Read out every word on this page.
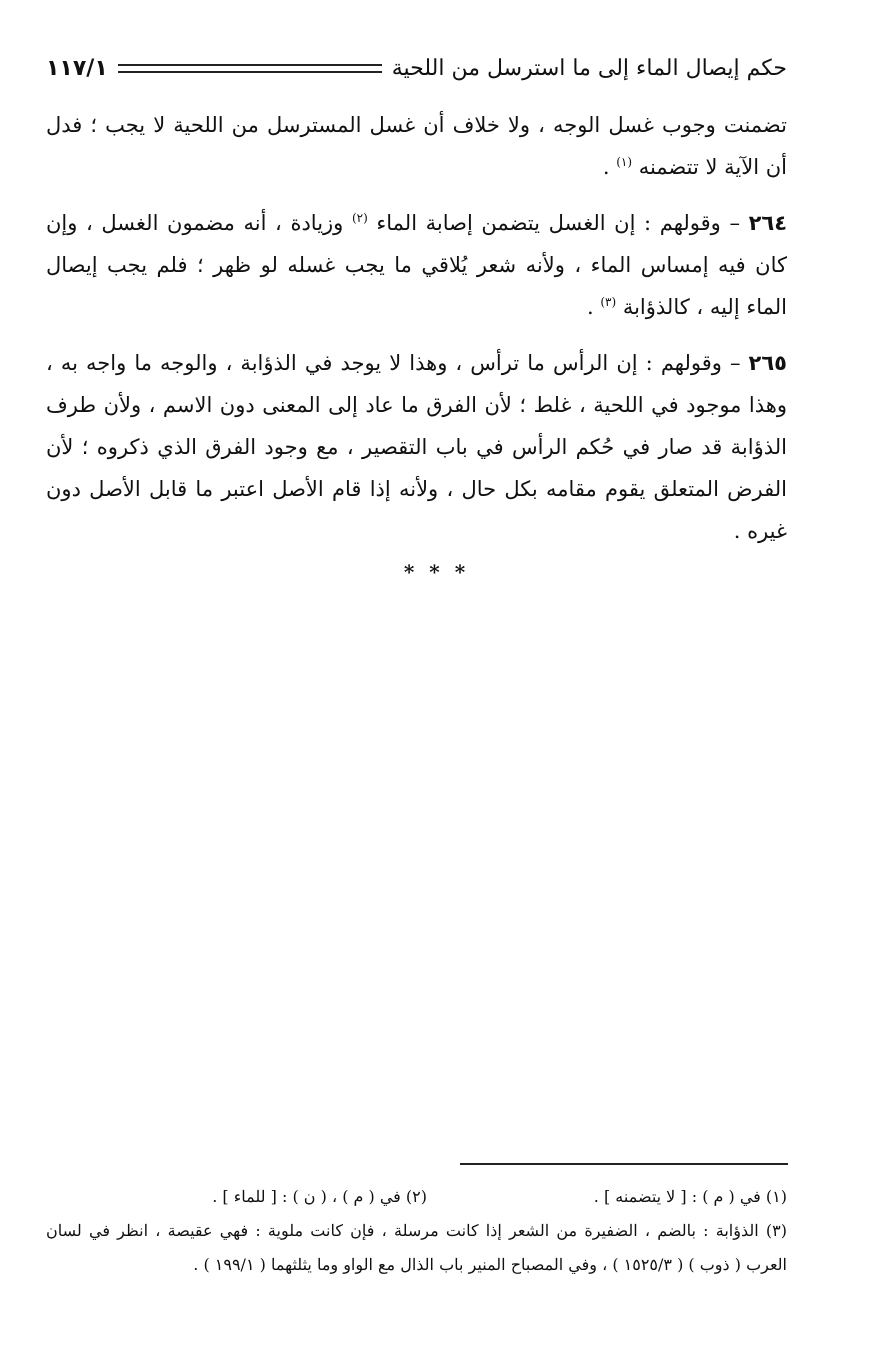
حكم إيصال الماء إلى ما استرسل من اللحية
١١٧/١

تضمنت وجوب غسل الوجه ، ولا خلاف أن غسل المسترسل من اللحية لا يجب ؛ فدل أن الآية لا تتضمنه $^{(١)}$ .

٢٦٤ – وقولهم : إن الغسل يتضمن إصابة الماء $^{(٢)}$ وزيادة ، أنه مضمون الغسل ، وإن كان فيه إمساس الماء ، ولأنه شعر يُلاقي ما يجب غسله لو ظهر ؛ فلم يجب إيصال الماء إليه ، كالذؤابة $^{(٣)}$ .

٢٦٥ – وقولهم : إن الرأس ما ترأس ، وهذا لا يوجد في الذؤابة ، والوجه ما واجه به ، وهذا موجود في اللحية ، غلط ؛ لأن الفرق ما عاد إلى المعنى دون الاسم ، ولأن طرف الذؤابة قد صار في حُكم الرأس في باب التقصير ، مع وجود الفرق الذي ذكروه ؛ لأن الفرض المتعلق يقوم مقامه بكل حال ، ولأنه إذا قام الأصل اعتبر ما قابل الأصل دون غيره .

* * *
(١) في ( م ) : [ لا يتضمنه ] .
(٢) في ( م ) ، ( ن ) : [ للماء ] .

(٣) الذؤابة : بالضم ، الضفيرة من الشعر إذا كانت مرسلة ، فإن كانت ملوية : فهي عقيصة ، انظر في لسان العرب ( ذوب ) ( ١٥٢٥/٣ ) ، وفي المصباح المنير باب الذال مع الواو وما يثلثهما ( ١٩٩/١ ) .
